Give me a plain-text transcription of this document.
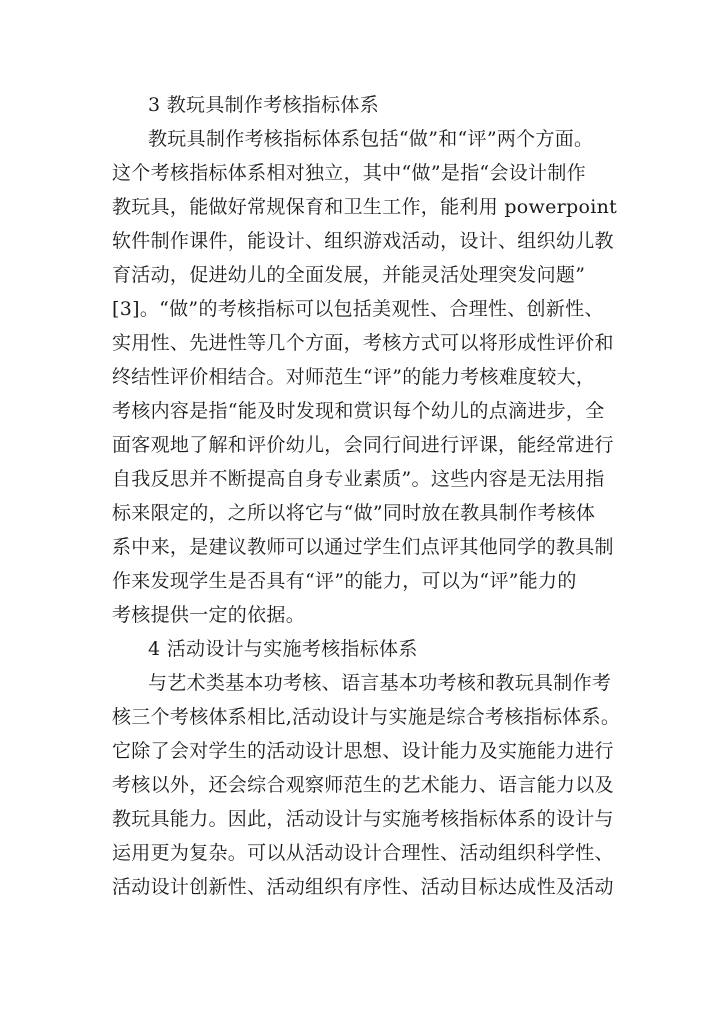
3 教玩具制作考核指标体系
教玩具制作考核指标体系包括“做”和“评”两个方面。
这个考核指标体系相对独立，其中“做”是指“会设计制作
教玩具，能做好常规保育和卫生工作，能利用 powerpoint
软件制作课件，能设计、组织游戏活动，设计、组织幼儿教
育活动，促进幼儿的全面发展，并能灵活处理突发问题”
[3]。“做”的考核指标可以包括美观性、合理性、创新性、
实用性、先进性等几个方面，考核方式可以将形成性评价和
终结性评价相结合。对师范生“评”的能力考核难度较大，
考核内容是指“能及时发现和赏识每个幼儿的点滴进步，全
面客观地了解和评价幼儿，会同行间进行评课，能经常进行
自我反思并不断提高自身专业素质”。这些内容是无法用指
标来限定的，之所以将它与“做”同时放在教具制作考核体
系中来，是建议教师可以通过学生们点评其他同学的教具制
作来发现学生是否具有“评”的能力，可以为“评”能力的
考核提供一定的依据。
4 活动设计与实施考核指标体系
与艺术类基本功考核、语言基本功考核和教玩具制作考
核三个考核体系相比,活动设计与实施是综合考核指标体系。
它除了会对学生的活动设计思想、设计能力及实施能力进行
考核以外，还会综合观察师范生的艺术能力、语言能力以及
教玩具能力。因此，活动设计与实施考核指标体系的设计与
运用更为复杂。可以从活动设计合理性、活动组织科学性、
活动设计创新性、活动组织有序性、活动目标达成性及活动
